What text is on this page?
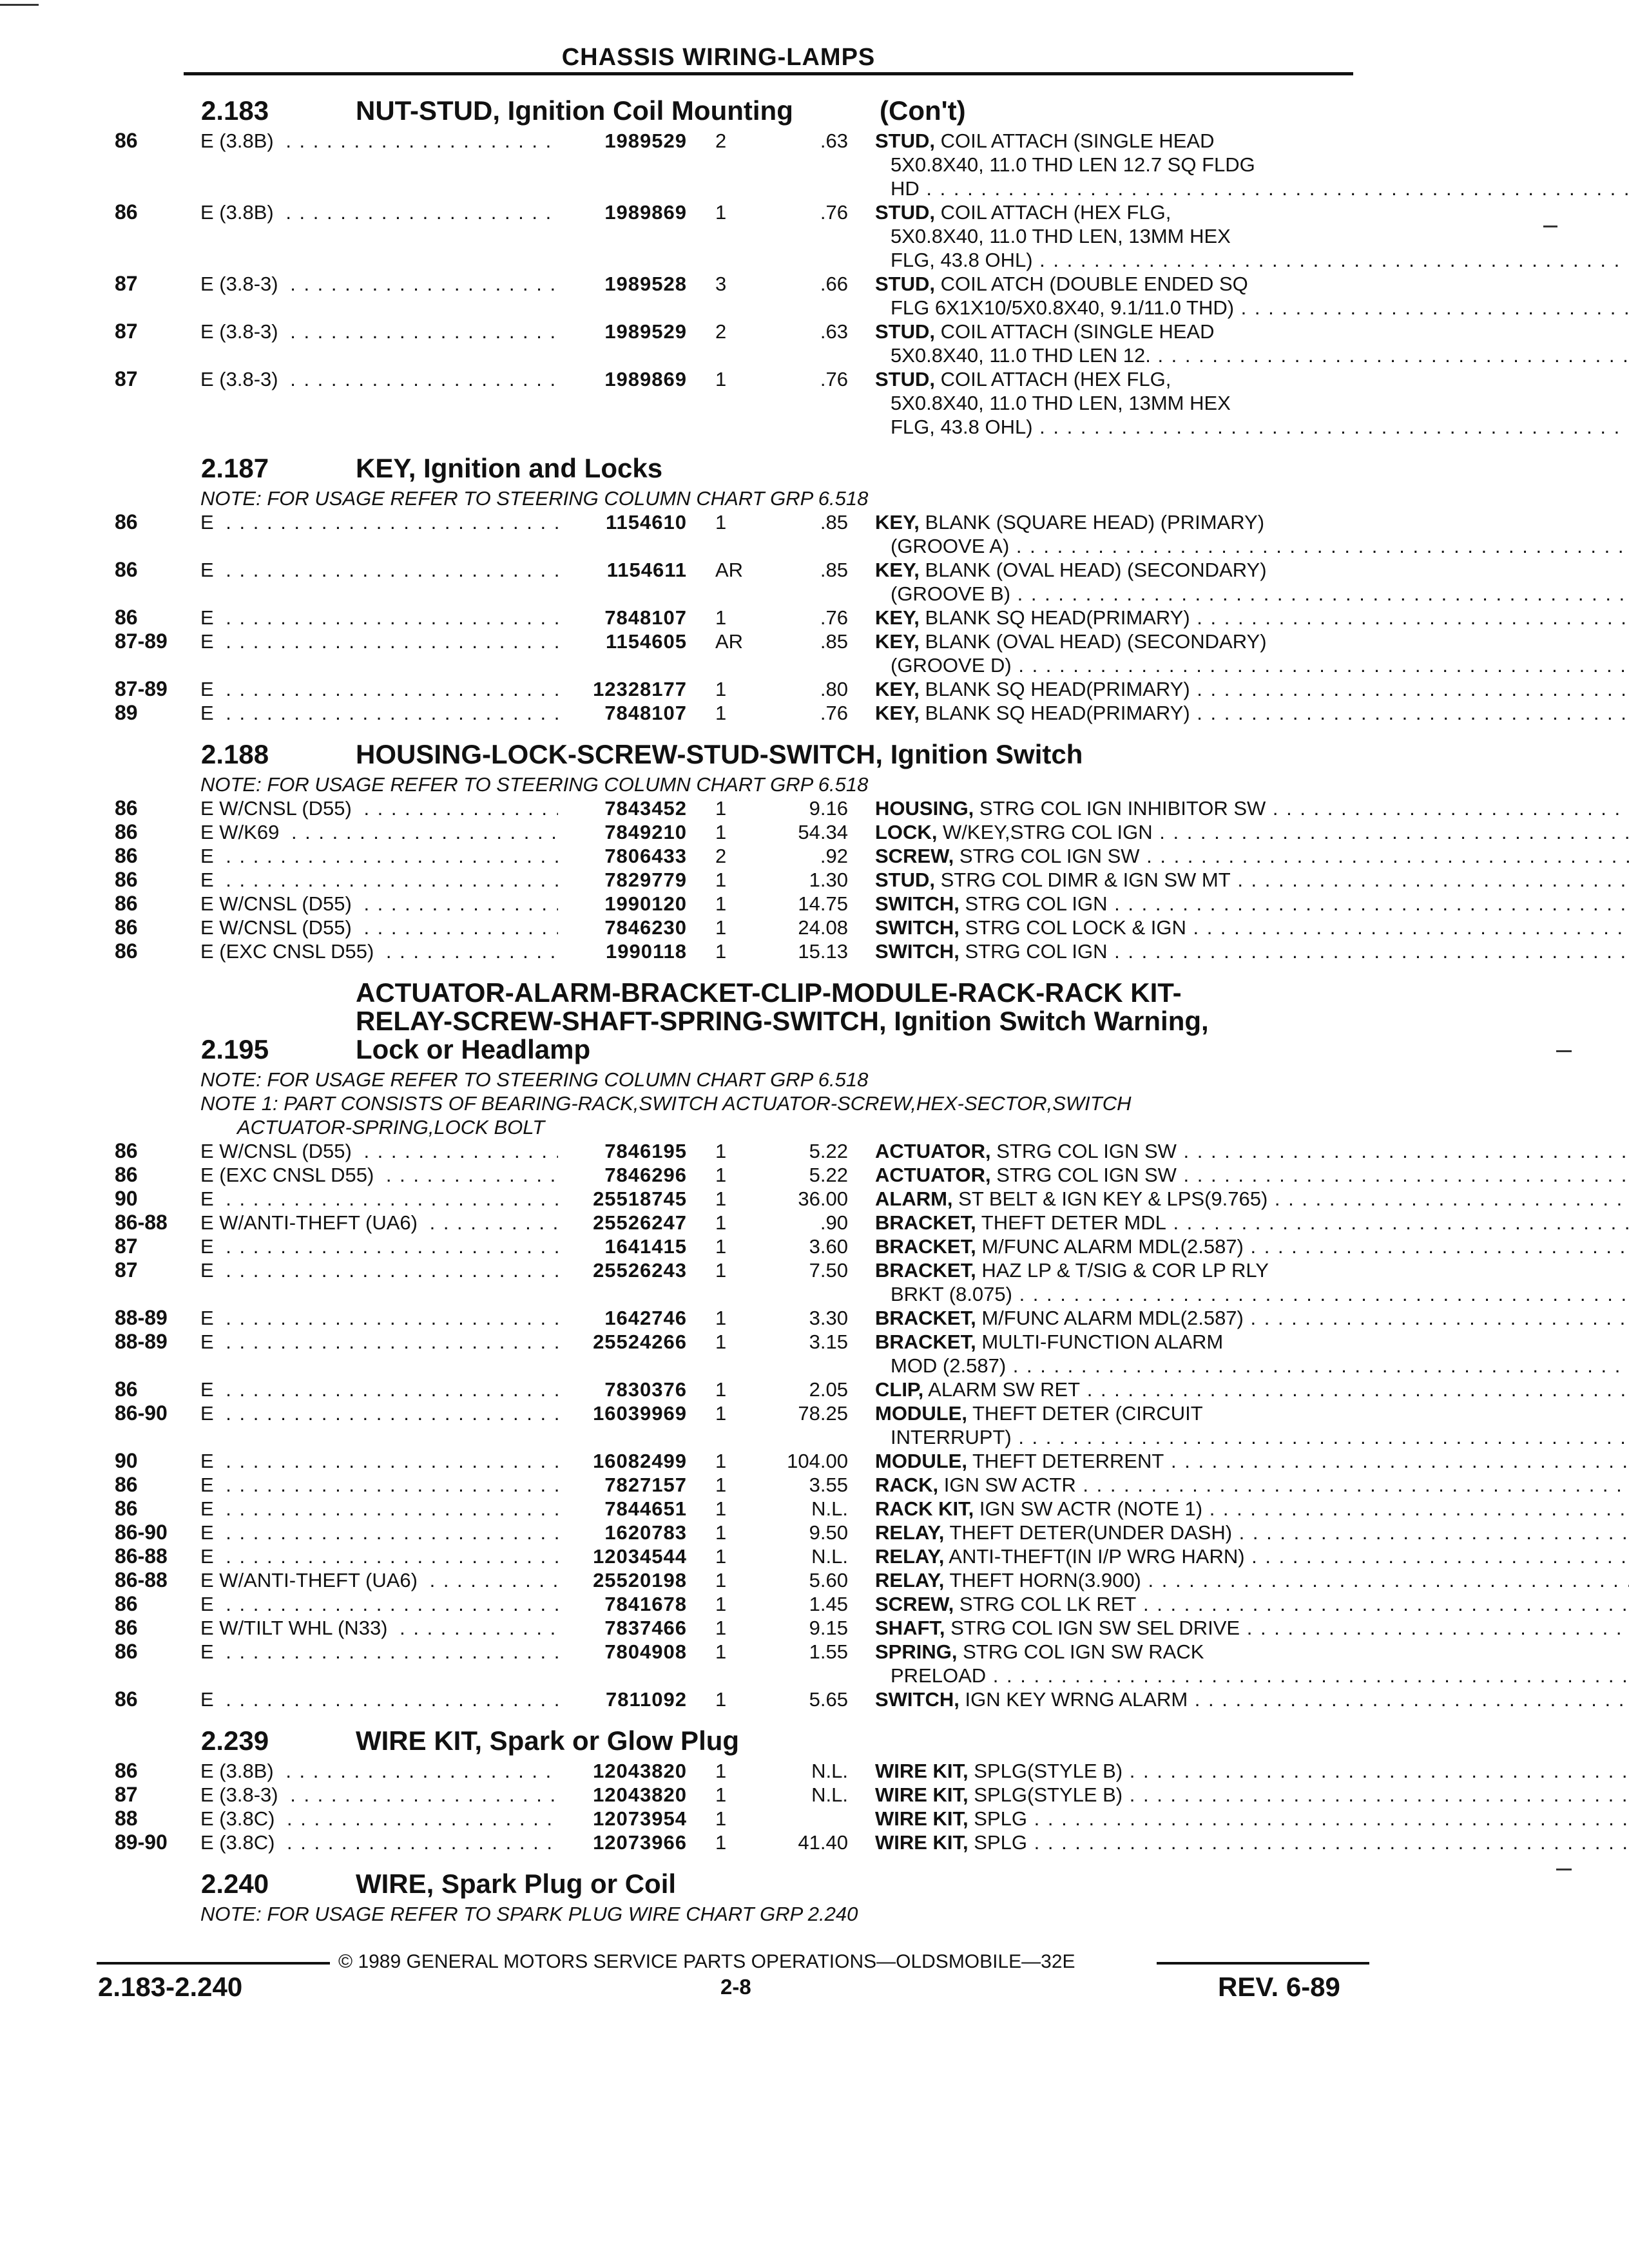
CHASSIS WIRING-LAMPS
2.183	NUT-STUD, Ignition Coil Mounting	(Con't)
86	E (3.8B) . . .	1989529	2	.63 STUD, COIL ATTACH (SINGLE HEAD
5X0.8X40, 11.0 THD LEN 12.7 SQ FLDG
HD . . .
86	E (3.8B) . . .	1989869	1	.76 STUD, COIL ATTACH (HEX FLG,
5X0.8X40, 11.0 THD LEN, 13MM HEX
FLG, 43.8 OHL) . . .
87	E (3.8-3) . . .	1989528	3	.66 STUD, COIL ATCH (DOUBLE ENDED SQ
FLG 6X1X10/5X0.8X40, 9.1/11.0 THD) . . .
87	E (3.8-3) . . .	1989529	2	.63 STUD, COIL ATTACH (SINGLE HEAD
5X0.8X40, 11.0 THD LEN 12. . . .
87	E (3.8-3) . . .	1989869	1	.76 STUD, COIL ATTACH (HEX FLG,
5X0.8X40, 11.0 THD LEN, 13MM HEX
FLG, 43.8 OHL) . . .
2.187	KEY, Ignition and Locks
NOTE: FOR USAGE REFER TO STEERING COLUMN CHART GRP 6.518
86	E . . .	1154610	1	.85 KEY, BLANK (SQUARE HEAD) (PRIMARY)
(GROOVE A) . . .
86	E . . .	1154611	AR	.85 KEY, BLANK (OVAL HEAD) (SECONDARY)
(GROOVE B) . . .
86	E . . .	7848107	1	.76 KEY, BLANK SQ HEAD(PRIMARY) . . .
87-89	E . . .	1154605	AR	.85 KEY, BLANK (OVAL HEAD) (SECONDARY)
(GROOVE D) . . .
87-89	E . . .	12328177	1	.80 KEY, BLANK SQ HEAD(PRIMARY) . . .
89	E . . .	7848107	1	.76 KEY, BLANK SQ HEAD(PRIMARY) . . .
2.188	HOUSING-LOCK-SCREW-STUD-SWITCH, Ignition Switch
NOTE: FOR USAGE REFER TO STEERING COLUMN CHART GRP 6.518
86	E W/CNSL (D55) . . .	7843452	1	9.16 HOUSING, STRG COL IGN INHIBITOR SW . . .
86	E W/K69 . . .	7849210	1	54.34 LOCK, W/KEY,STRG COL IGN . . .
86	E . . .	7806433	2	.92 SCREW, STRG COL IGN SW . . .
86	E . . .	7829779	1	1.30 STUD, STRG COL DIMR & IGN SW MT . . .
86	E W/CNSL (D55) . . .	1990120	1	14.75 SWITCH, STRG COL IGN . . .
86	E W/CNSL (D55) . . .	7846230	1	24.08 SWITCH, STRG COL LOCK & IGN . . .
86	E (EXC CNSL D55) . . .	1990118	1	15.13 SWITCH, STRG COL IGN . . .
2.195
ACTUATOR-ALARM-BRACKET-CLIP-MODULE-RACK-RACK KIT-
RELAY-SCREW-SHAFT-SPRING-SWITCH, Ignition Switch Warning,
Lock or Headlamp
NOTE: FOR USAGE REFER TO STEERING COLUMN CHART GRP 6.518
NOTE 1: PART CONSISTS OF BEARING-RACK,SWITCH ACTUATOR-SCREW,HEX-SECTOR,SWITCH
ACTUATOR-SPRING,LOCK BOLT
86	E W/CNSL (D55) . . .	7846195	1	5.22 ACTUATOR, STRG COL IGN SW . . .
86	E (EXC CNSL D55) . . .	7846296	1	5.22 ACTUATOR, STRG COL IGN SW . . .
90	E . . .	25518745	1	36.00 ALARM, ST BELT & IGN KEY & LPS(9.765) . . .
86-88	E W/ANTI-THEFT (UA6) . . .	25526247	1	.90 BRACKET, THEFT DETER MDL . . .
87	E . . .	1641415	1	3.60 BRACKET, M/FUNC ALARM MDL(2.587) . . .
87	E . . .	25526243	1	7.50 BRACKET, HAZ LP & T/SIG & COR LP RLY
BRKT (8.075) . . .
88-89	E . . .	1642746	1	3.30 BRACKET, M/FUNC ALARM MDL(2.587) . . .
88-89	E . . .	25524266	1	3.15 BRACKET, MULTI-FUNCTION ALARM
MOD (2.587) . . .
86	E . . .	7830376	1	2.05 CLIP, ALARM SW RET . . .
86-90	E . . .	16039969	1	78.25 MODULE, THEFT DETER (CIRCUIT
INTERRUPT) . . .
90	E . . .	16082499	1	104.00 MODULE, THEFT DETERRENT . . .
86	E . . .	7827157	1	3.55 RACK, IGN SW ACTR . . .
86	E . . .	7844651	1	N.L. RACK KIT, IGN SW ACTR (NOTE 1) . . .
86-90	E . . .	1620783	1	9.50 RELAY, THEFT DETER(UNDER DASH) . . .
86-88	E . . .	12034544	1	N.L. RELAY, ANTI-THEFT(IN I/P WRG HARN) . . .
86-88	E W/ANTI-THEFT (UA6) . . .	25520198	1	5.60 RELAY, THEFT HORN(3.900) . . .
86	E . . .	7841678	1	1.45 SCREW, STRG COL LK RET . . .
86	E W/TILT WHL (N33) . . .	7837466	1	9.15 SHAFT, STRG COL IGN SW SEL DRIVE . . .
86	E . . .	7804908	1	1.55 SPRING, STRG COL IGN SW RACK
PRELOAD . . .
86	E . . .	7811092	1	5.65 SWITCH, IGN KEY WRNG ALARM . . .
2.239	WIRE KIT, Spark or Glow Plug
86	E (3.8B) . . .	12043820	1	N.L. WIRE KIT, SPLG(STYLE B) . . .
87	E (3.8-3) . . .	12043820	1	N.L. WIRE KIT, SPLG(STYLE B) . . .
88	E (3.8C) . . .	12073954	1	WIRE KIT, SPLG . . .
89-90	E (3.8C) . . .	12073966	1	41.40 WIRE KIT, SPLG . . .
2.240	WIRE, Spark Plug or Coil
NOTE: FOR USAGE REFER TO SPARK PLUG WIRE CHART GRP 2.240
© 1989 GENERAL MOTORS SERVICE PARTS OPERATIONS—OLDSMOBILE—32E
2.183-2.240	2-8	REV. 6-89
